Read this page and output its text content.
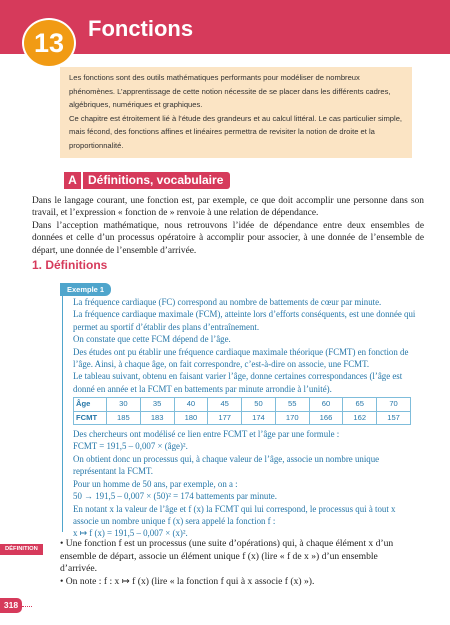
13	Fonctions

Les fonctions sont des outils mathématiques performants pour modéliser de nombreux phénomènes. L’apprentissage de cette notion nécessite de se placer dans les différents cadres, algébriques, numériques et graphiques.

Ce chapitre est étroitement lié à l’étude des grandeurs et au calcul littéral. Le cas particulier simple, mais fécond, des fonctions affines et linéaires permettra de revisiter la notion de droite et la proportionnalité.

A Définitions, vocabulaire

Dans le langage courant, une fonction est, par exemple, ce que doit accomplir une personne dans son travail, et l’expression « fonction de » renvoie à une relation de dépendance.

Dans l’acception mathématique, nous retrouvons l’idée de dépendance entre deux ensembles de données et celle d’un processus opératoire à accomplir pour associer, à une donnée de l’ensemble de départ, une donnée de l’ensemble d’arrivée.

1. Définitions
Exemple 1

La fréquence cardiaque (FC) correspond au nombre de battements de cœur par minute.

La fréquence cardiaque maximale (FCM), atteinte lors d’efforts conséquents, est une donnée qui permet au sportif d’établir des plans d’entraînement.

On constate que cette FCM dépend de l’âge.

Des études ont pu établir une fréquence cardiaque maximale théorique (FCMT) en fonction de l’âge. Ainsi, à chaque âge, on fait correspondre, c’est-à-dire on associe, une FCMT.

Le tableau suivant, obtenu en faisant varier l’âge, donne certaines correspondances (l’âge est donné en année et la FCMT en battements par minute arrondie à l’unité).

Âge	30	35	40	45	50	55	60	65	70
FCMT	185	183	180	177	174	170	166	162	157

Des chercheurs ont modélisé ce lien entre FCMT et l’âge par une formule :

FCMT = 191,5 – 0,007 × (âge)².

On obtient donc un processus qui, à chaque valeur de l’âge, associe un nombre unique représentant la FCMT.

Pour un homme de 50 ans, par exemple, on a :

50 → 191,5 – 0,007 × (50)² = 174 battements par minute.

En notant x la valeur de l’âge et f (x) la FCMT qui lui correspond, le processus qui à tout x associe un nombre unique f (x) sera appelé la fonction f :

x ↦ f (x) = 191,5 – 0,007 × (x)².

DÉFINITION	• Une fonction f est un processus (une suite d’opérations) qui, à chaque élément x d’un ensemble de départ, associe un élément unique f (x) (lire « f de x ») d’un ensemble d’arrivée.

• On note : f : x ↦ f (x) (lire « la fonction f qui à x associe f (x) »).

318
